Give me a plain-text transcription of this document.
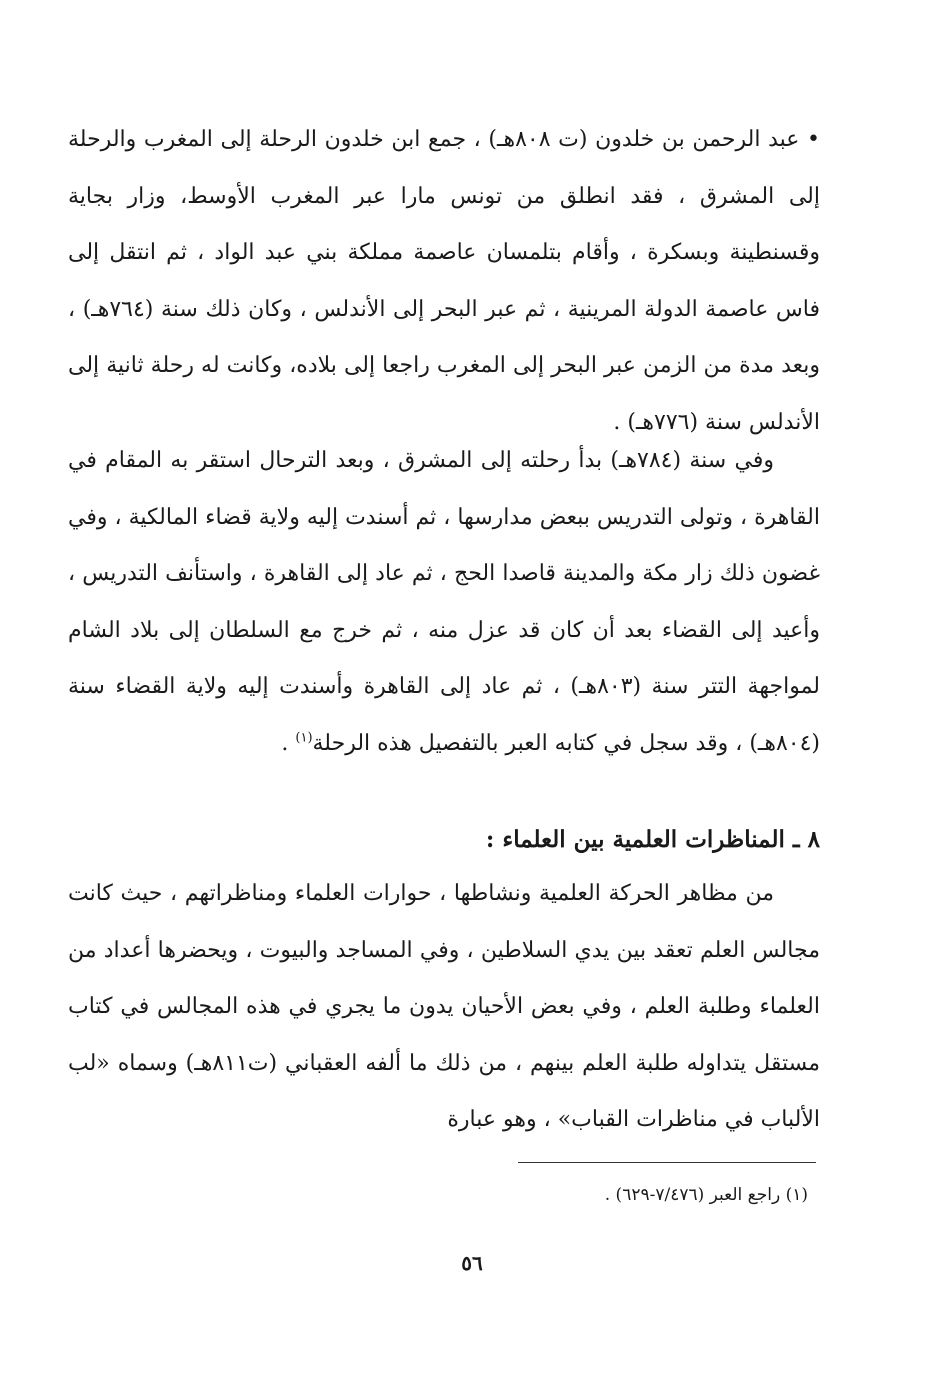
• عبد الرحمن بن خلدون (ت ٨٠٨هـ) ، جمع ابن خلدون الرحلة إلى المغرب والرحلة إلى المشرق ، فقد انطلق من تونس مارا عبر المغرب الأوسط، وزار بجاية وقسنطينة وبسكرة ، وأقام بتلمسان عاصمة مملكة بني عبد الواد ، ثم انتقل إلى فاس عاصمة الدولة المرينية ، ثم عبر البحر إلى الأندلس ، وكان ذلك سنة (٧٦٤هـ) ، وبعد مدة من الزمن عبر البحر إلى المغرب راجعا إلى بلاده، وكانت له رحلة ثانية إلى الأندلس سنة (٧٧٦هـ) .

وفي سنة (٧٨٤هـ) بدأ رحلته إلى المشرق ، وبعد الترحال استقر به المقام في القاهرة ، وتولى التدريس ببعض مدارسها ، ثم أسندت إليه ولاية قضاء المالكية ، وفي غضون ذلك زار مكة والمدينة قاصدا الحج ، ثم عاد إلى القاهرة ، واستأنف التدريس ، وأعيد إلى القضاء بعد أن كان قد عزل منه ، ثم خرج مع السلطان إلى بلاد الشام لمواجهة التتر سنة (٨٠٣هـ) ، ثم عاد إلى القاهرة وأسندت إليه ولاية القضاء سنة (٨٠٤هـ) ، وقد سجل في كتابه العبر بالتفصيل هذه الرحلة$^{(١)}$ .

٨ ـ المناظرات العلمية بين العلماء :

من مظاهر الحركة العلمية ونشاطها ، حوارات العلماء ومناظراتهم ، حيث كانت مجالس العلم تعقد بين يدي السلاطين ، وفي المساجد والبيوت ، ويحضرها أعداد من العلماء وطلبة العلم ، وفي بعض الأحيان يدون ما يجري في هذه المجالس في كتاب مستقل يتداوله طلبة العلم بينهم ، من ذلك ما ألفه العقباني (ت٨١١هـ) وسماه «لب الألباب في مناظرات القباب» ، وهو عبارة

(١) راجع العبر (٧/٤٧٦-٦٢٩) .
٥٦
